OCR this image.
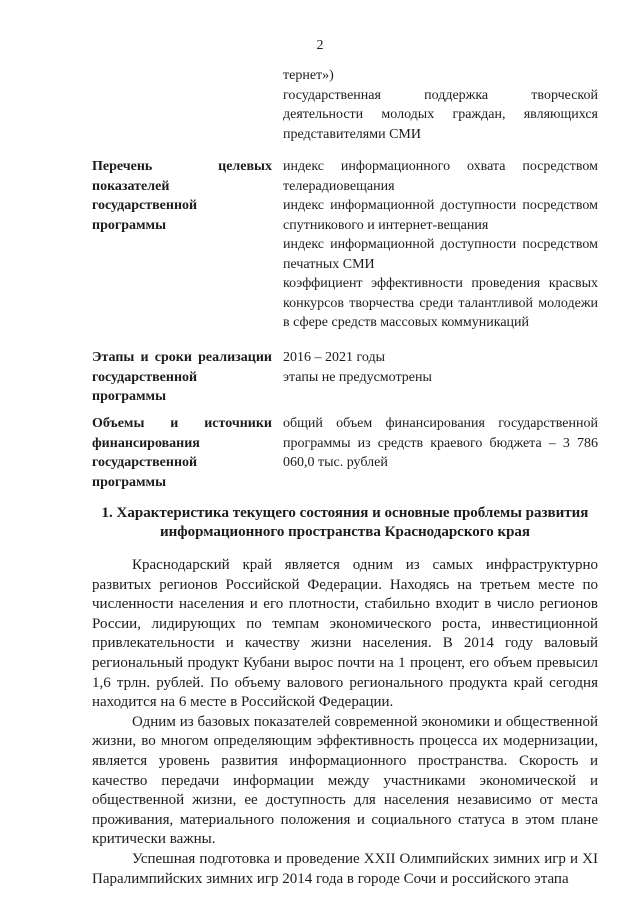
2

тернет»)

государственная поддержка творческой деятельности молодых граждан, являющихся представителями СМИ

Перечень целевых показателей государственной программы

индекс информационного охвата посредством телерадиовещания

индекс информационной доступности посредством спутникового и интернет-вещания

индекс информационной доступности посредством печатных СМИ

коэффициент эффективности проведения красвых конкурсов творчества среди талантливой молодежи в сфере средств массовых коммуникаций

Этапы и сроки реализации государственной программы

2016 – 2021 годы

этапы не предусмотрены

Объемы и источники финансирования государственной программы

общий объем финансирования государственной программы из средств краевого бюджета – 3 786 060,0 тыс. рублей

1. Характеристика текущего состояния и основные проблемы развития информационного пространства Краснодарского края

Краснодарский край является одним из самых инфраструктурно развитых регионов Российской Федерации. Находясь на третьем месте по численности населения и его плотности, стабильно входит в число регионов России, лидирующих по темпам экономического роста, инвестиционной привлекательности и качеству жизни населения. В 2014 году валовый региональный продукт Кубани вырос почти на 1 процент, его объем превысил 1,6 трлн. рублей. По объему валового регионального продукта край сегодня находится на 6 месте в Российской Федерации.

Одним из базовых показателей современной экономики и общественной жизни, во многом определяющим эффективность процесса их модернизации, является уровень развития информационного пространства. Скорость и качество передачи информации между участниками экономической и общественной жизни, ее доступность для населения независимо от места проживания, материального положения и социального статуса в этом плане критически важны.

Успешная подготовка и проведение XXII Олимпийских зимних игр и XI Паралимпийских зимних игр 2014 года в городе Сочи и российского этапа
